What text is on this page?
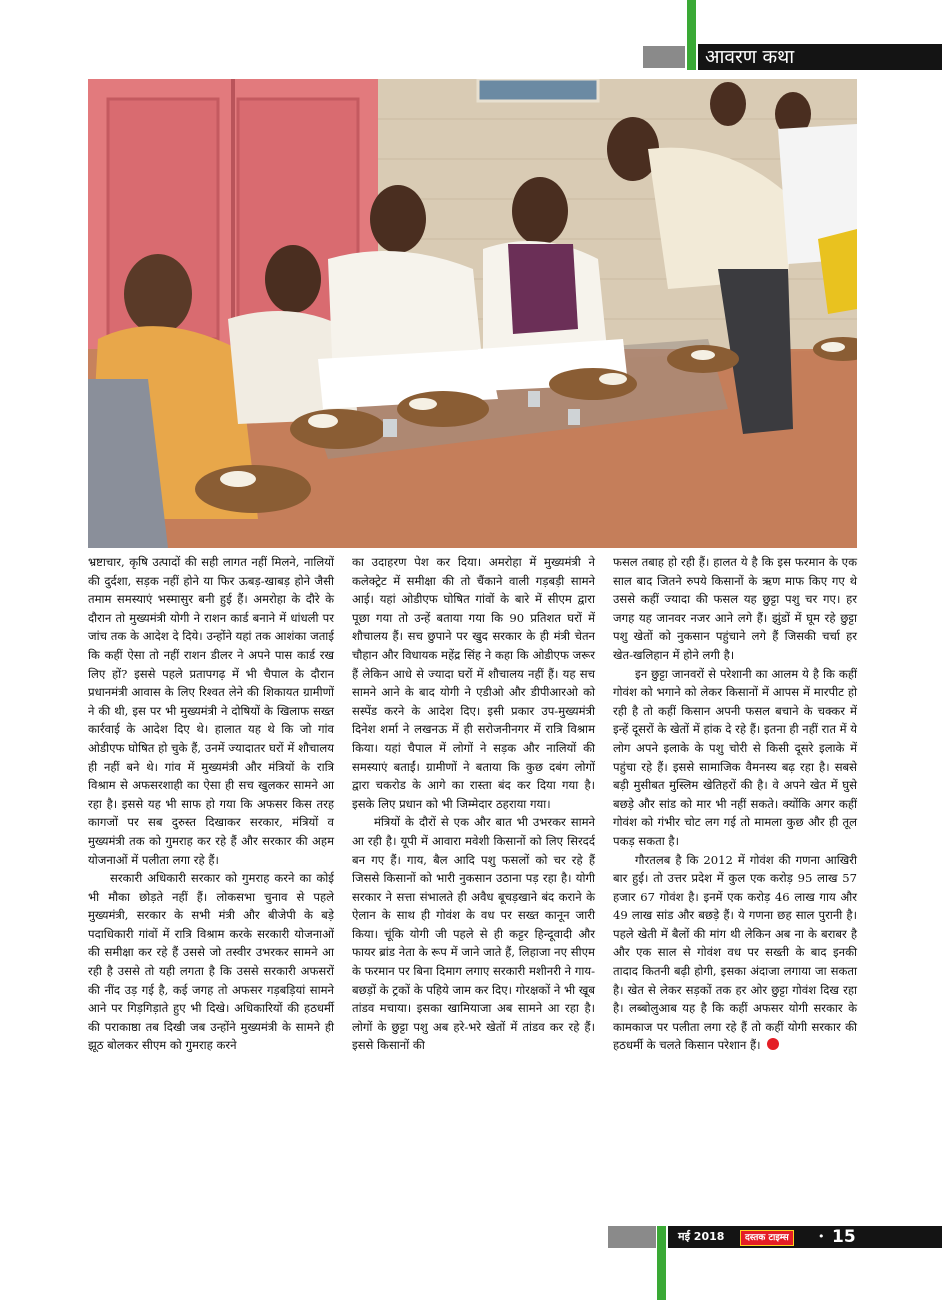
आवरण कथा

भ्रष्टाचार, कृषि उत्पादों की सही लागत नहीं मिलने, नालियों की दुर्दशा, सड़क नहीं होने या फिर ऊबड़-खाबड़ होने जैसी तमाम समस्याएं भस्मासुर बनी हुई हैं। अमरोहा के दौरे के दौरान तो मुख्यमंत्री योगी ने राशन कार्ड बनाने में धांधली पर जांच तक के आदेश दे दिये। उन्होंने यहां तक आशंका जताई कि कहीं ऐसा तो नहीं राशन डीलर ने अपने पास कार्ड रख लिए हों? इससे पहले प्रतापगढ़ में भी चैपाल के दौरान प्रधानमंत्री आवास के लिए रिश्वत लेने की शिकायत ग्रामीणों ने की थी, इस पर भी मुख्यमंत्री ने दोषियों के खिलाफ सख्त कार्रवाई के आदेश दिए थे। हालात यह थे कि जो गांव ओडीएफ घोषित हो चुके हैं, उनमें ज्यादातर घरों में शौचालय ही नहीं बने थे। गांव में मुख्यमंत्री और मंत्रियों के रात्रि विश्राम से अफसरशाही का ऐसा ही सच खुलकर सामने आ रहा है। इससे यह भी साफ हो गया कि अफसर किस तरह कागजों पर सब दुरुस्त दिखाकर सरकार, मंत्रियों व मुख्यमंत्री तक को गुमराह कर रहे हैं और सरकार की अहम योजनाओं में पलीता लगा रहे हैं।

सरकारी अधिकारी सरकार को गुमराह करने का कोई भी मौका छोड़ते नहीं हैं। लोकसभा चुनाव से पहले मुख्यमंत्री, सरकार के सभी मंत्री और बीजेपी के बड़े पदाधिकारी गांवों में रात्रि विश्राम करके सरकारी योजनाओं की समीक्षा कर रहे हैं उससे जो तस्वीर उभरकर सामने आ रही है उससे तो यही लगता है कि उससे सरकारी अफसरों की नींद उड़ गई है, कई जगह तो अफसर गड़बड़ियां सामने आने पर गिड़गिड़ाते हुए भी दिखे। अधिकारियों की हठधर्मी की पराकाष्ठा तब दिखी जब उन्होंने मुख्यमंत्री के सामने ही झूठ बोलकर सीएम को गुमराह करने

का उदाहरण पेश कर दिया। अमरोहा में मुख्यमंत्री ने कलेक्ट्रेट में समीक्षा की तो चैंकाने वाली गड़बड़ी सामने आई। यहां ओडीएफ घोषित गांवों के बारे में सीएम द्वारा पूछा गया तो उन्हें बताया गया कि 90 प्रतिशत घरों में शौचालय हैं। सच छुपाने पर खुद सरकार के ही मंत्री चेतन चौहान और विधायक महेंद्र सिंह ने कहा कि ओडीएफ जरूर हैं लेकिन आधे से ज्यादा घरों में शौचालय नहीं हैं। यह सच सामने आने के बाद योगी ने एडीओ और डीपीआरओ को सस्पेंड करने के आदेश दिए। इसी प्रकार उप-मुख्यमंत्री दिनेश शर्मा ने लखनऊ में ही सरोजनीनगर में रात्रि विश्राम किया। यहां चैपाल में लोगों ने सड़क और नालियों की समस्याएं बताईं। ग्रामीणों ने बताया कि कुछ दबंग लोगों द्वारा चकरोड के आगे का रास्ता बंद कर दिया गया है। इसके लिए प्रधान को भी जिम्मेदार ठहराया गया।

मंत्रियों के दौरों से एक और बात भी उभरकर सामने आ रही है। यूपी में आवारा मवेशी किसानों को लिए सिरदर्द बन गए हैं। गाय, बैल आदि पशु फसलों को चर रहे हैं जिससे किसानों को भारी नुकसान उठाना पड़ रहा है। योगी सरकार ने सत्ता संभालते ही अवैध बूचड़खाने बंद कराने के ऐलान के साथ ही गोवंश के वध पर सख्त कानून जारी किया। चूंकि योगी जी पहले से ही कट्टर हिन्दूवादी और फायर ब्रांड नेता के रूप में जाने जाते हैं, लिहाजा नए सीएम के फरमान पर बिना दिमाग लगाए सरकारी मशीनरी ने गाय-बछड़ों के ट्रकों के पहिये जाम कर दिए। गोरक्षकों ने भी खूब तांडव मचाया। इसका खामियाजा अब सामने आ रहा है। लोगों के छुट्टा पशु अब हरे-भरे खेतों में तांडव कर रहे हैं। इससे किसानों की

फसल तबाह हो रही हैं। हालत ये है कि इस फरमान के एक साल बाद जितने रुपये किसानों के ऋण माफ किए गए थे उससे कहीं ज्यादा की फसल यह छुट्टा पशु चर गए। हर जगह यह जानवर नजर आने लगे हैं। झुंडों में घूम रहे छुट्टा पशु खेतों को नुकसान पहुंचाने लगे हैं जिसकी चर्चा हर खेत-खलिहान में होने लगी है।

इन छुट्टा जानवरों से परेशानी का आलम ये है कि कहीं गोवंश को भगाने को लेकर किसानों में आपस में मारपीट हो रही है तो कहीं किसान अपनी फसल बचाने के चक्कर में इन्हें दूसरों के खेतों में हांक दे रहे हैं। इतना ही नहीं रात में ये लोग अपने इलाके के पशु चोरी से किसी दूसरे इलाके में पहुंचा रहे हैं। इससे सामाजिक वैमनस्य बढ़ रहा है। सबसे बड़ी मुसीबत मुस्लिम खेतिहरों की है। वे अपने खेत में घुसे बछड़े और सांड को मार भी नहीं सकते। क्योंकि अगर कहीं गोवंश को गंभीर चोट लग गई तो मामला कुछ और ही तूल पकड़ सकता है।

गौरतलब है कि 2012 में गोवंश की गणना आखिरी बार हुई। तो उत्तर प्रदेश में कुल एक करोड़ 95 लाख 57 हजार 67 गोवंश है। इनमें एक करोड़ 46 लाख गाय और 49 लाख सांड और बछड़े हैं। ये गणना छह साल पुरानी है। पहले खेती में बैलों की मांग थी लेकिन अब ना के बराबर है और एक साल से गोवंश वध पर सख्ती के बाद इनकी तादाद कितनी बढ़ी होगी, इसका अंदाजा लगाया जा सकता है। खेत से लेकर सड़कों तक हर ओर छुट्टा गोवंश दिख रहा है। लब्बोलुआब यह है कि कहीं अफसर योगी सरकार के कामकाज पर पलीता लगा रहे हैं तो कहीं योगी सरकार की हठधर्मी के चलते किसान परेशान हैं।

मई 2018	दस्तक टाइम्स	• 15
